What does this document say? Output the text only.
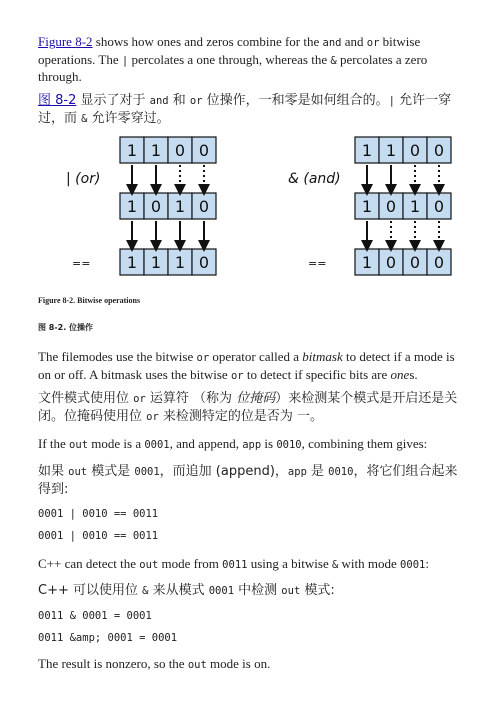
Figure 8-2 shows how ones and zeros combine for the and and or bitwise operations. The | percolates a one through, whereas the & percolates a zero through.

图 8-2 显示了对于 and 和 or 位操作，一和零是如何组合的。| 允许一穿过，而 & 允许零穿过。

1 1 0 0
1 0 1 0
1 1 1 0
1 1 0 0
1 0 1 0
1 0 0 0
| (or)	& (and)
==	==

Figure 8-2. Bitwise operations

图 8-2. 位操作

The filemodes use the bitwise or operator called a bitmask to detect if a mode is on or off. A bitmask uses the bitwise or to detect if specific bits are ones.

文件模式使用位 or 运算符 （称为 位掩码）来检测某个模式是开启还是关闭。位掩码使用位 or 来检测特定的位是否为 一。

If the out mode is a 0001, and append, app is 0010, combining them gives:

如果 out 模式是 0001，而追加 (append)，app 是 0010，将它们组合起来得到:

0001 | 0010 == 0011

0001 | 0010 == 0011

C++ can detect the out mode from 0011 using a bitwise & with mode 0001:

C++ 可以使用位 & 来从模式 0001 中检测 out 模式:

0011 & 0001 = 0001

0011 &amp; 0001 = 0001

The result is nonzero, so the out mode is on.
